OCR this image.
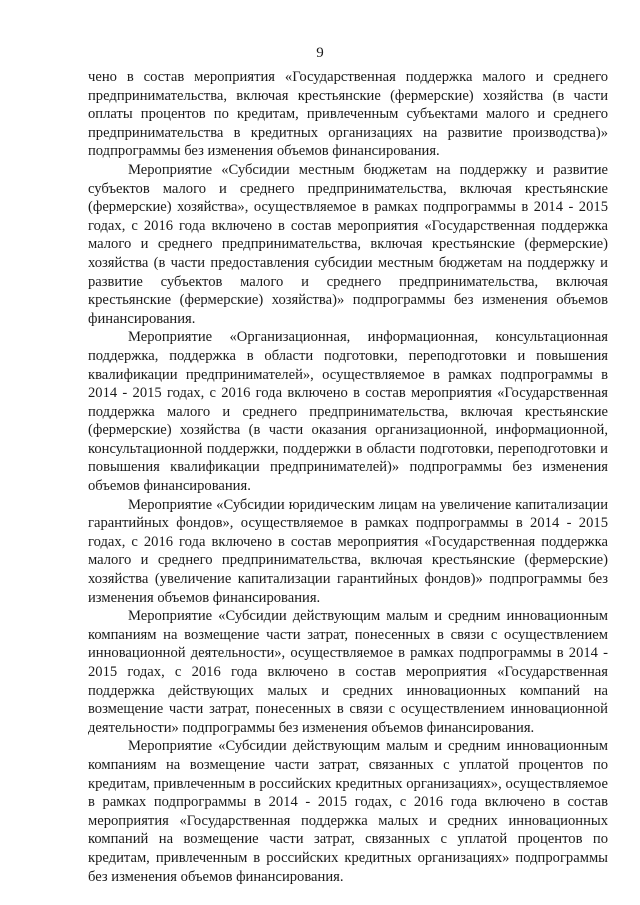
9

чено в состав мероприятия «Государственная поддержка малого и среднего предпринимательства, включая крестьянские (фермерские) хозяйства (в части оплаты процентов по кредитам, привлеченным субъектами малого и среднего предпринимательства в кредитных организациях на развитие производства)» подпрограммы без изменения объемов финансирования.

Мероприятие «Субсидии местным бюджетам на поддержку и развитие субъектов малого и среднего предпринимательства, включая крестьянские (фермерские) хозяйства», осуществляемое в рамках подпрограммы в 2014 - 2015 годах, с 2016 года включено в состав мероприятия «Государственная поддержка малого и среднего предпринимательства, включая крестьянские (фермерские) хозяйства (в части предоставления субсидии местным бюджетам на поддержку и развитие субъектов малого и среднего предпринимательства, включая крестьянские (фермерские) хозяйства)» подпрограммы без изменения объемов финансирования.

Мероприятие «Организационная, информационная, консультационная поддержка, поддержка в области подготовки, переподготовки и повышения квалификации предпринимателей», осуществляемое в рамках подпрограммы в 2014 - 2015 годах, с 2016 года включено в состав мероприятия «Государственная поддержка малого и среднего предпринимательства, включая крестьянские (фермерские) хозяйства (в части оказания организационной, информационной, консультационной поддержки, поддержки в области подготовки, переподготовки и повышения квалификации предпринимателей)» подпрограммы без изменения объемов финансирования.

Мероприятие «Субсидии юридическим лицам на увеличение капитализации гарантийных фондов», осуществляемое в рамках подпрограммы в 2014 - 2015 годах, с 2016 года включено в состав мероприятия «Государственная поддержка малого и среднего предпринимательства, включая крестьянские (фермерские) хозяйства (увеличение капитализации гарантийных фондов)» подпрограммы без изменения объемов финансирования.

Мероприятие «Субсидии действующим малым и средним инновационным компаниям на возмещение части затрат, понесенных в связи с осуществлением инновационной деятельности», осуществляемое в рамках подпрограммы в 2014 - 2015 годах, с 2016 года включено в состав мероприятия «Государственная поддержка действующих малых и средних инновационных компаний на возмещение части затрат, понесенных в связи с осуществлением инновационной деятельности» подпрограммы без изменения объемов финансирования.

Мероприятие «Субсидии действующим малым и средним инновационным компаниям на возмещение части затрат, связанных с уплатой процентов по кредитам, привлеченным в российских кредитных организациях», осуществляемое в рамках подпрограммы в 2014 - 2015 годах, с 2016 года включено в состав мероприятия «Государственная поддержка малых и средних инновационных компаний на возмещение части затрат, связанных с уплатой процентов по кредитам, привлеченным в российских кредитных организациях» подпрограммы без изменения объемов финансирования.
